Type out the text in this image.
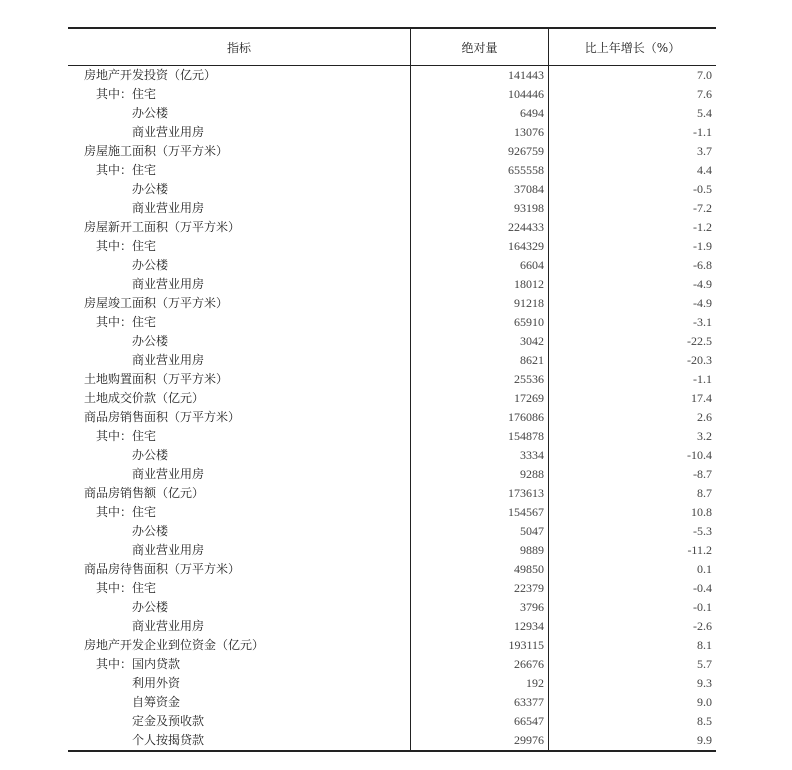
指标	绝对量	比上年增长（%）
房地产开发投资（亿元）	141443	7.0
其中：住宅	104446	7.6
办公楼	6494	5.4
商业营业用房	13076	-1.1
房屋施工面积（万平方米）	926759	3.7
其中：住宅	655558	4.4
办公楼	37084	-0.5
商业营业用房	93198	-7.2
房屋新开工面积（万平方米）	224433	-1.2
其中：住宅	164329	-1.9
办公楼	6604	-6.8
商业营业用房	18012	-4.9
房屋竣工面积（万平方米）	91218	-4.9
其中：住宅	65910	-3.1
办公楼	3042	-22.5
商业营业用房	8621	-20.3
土地购置面积（万平方米）	25536	-1.1
土地成交价款（亿元）	17269	17.4
商品房销售面积（万平方米）	176086	2.6
其中：住宅	154878	3.2
办公楼	3334	-10.4
商业营业用房	9288	-8.7
商品房销售额（亿元）	173613	8.7
其中：住宅	154567	10.8
办公楼	5047	-5.3
商业营业用房	9889	-11.2
商品房待售面积（万平方米）	49850	0.1
其中：住宅	22379	-0.4
办公楼	3796	-0.1
商业营业用房	12934	-2.6
房地产开发企业到位资金（亿元）	193115	8.1
其中：国内贷款	26676	5.7
利用外资	192	9.3
自筹资金	63377	9.0
定金及预收款	66547	8.5
个人按揭贷款	29976	9.9
